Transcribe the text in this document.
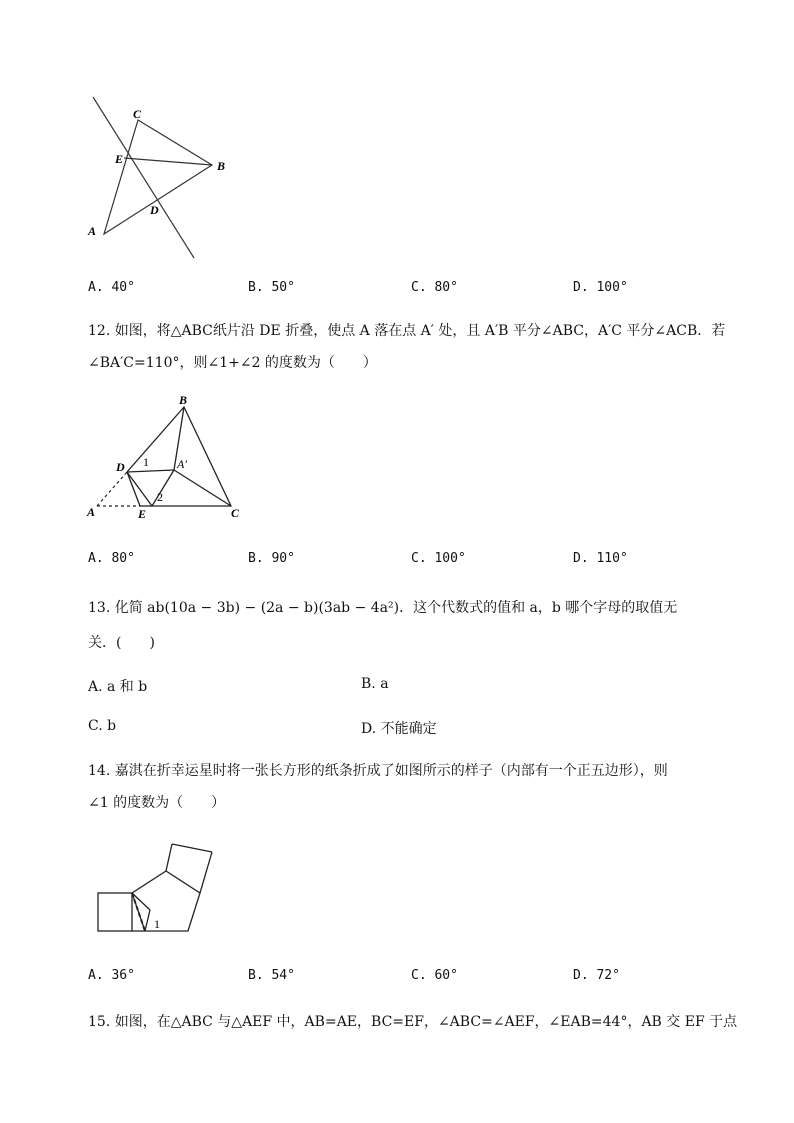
C
E	B
D
A
A. 40°	B. 50°	C. 80°	D. 100°
12. 如图，将△ABC纸片沿 DE 折叠，使点 A 落在点 A′ 处，且 A′B 平分∠ABC，A′C 平分∠ACB．若
∠BA′C=110°，则∠1+∠2 的度数为（　　）
B
D 1 A′
2
A	E	C
A. 80°	B. 90°	C. 100°	D. 110°
13. 化简 ab(10a − 3b) − (2a − b)(3ab − 4a²)．这个代数式的值和 a，b 哪个字母的取值无
关．(　　)
A. a 和 b	B. a
C. b	D. 不能确定
14. 嘉淇在折幸运星时将一张长方形的纸条折成了如图所示的样子（内部有一个正五边形），则
∠1 的度数为（　　）
1
A. 36°	B. 54°	C. 60°	D. 72°
15. 如图，在△ABC 与△AEF 中，AB=AE，BC=EF，∠ABC=∠AEF，∠EAB=44°，AB 交 EF 于点
